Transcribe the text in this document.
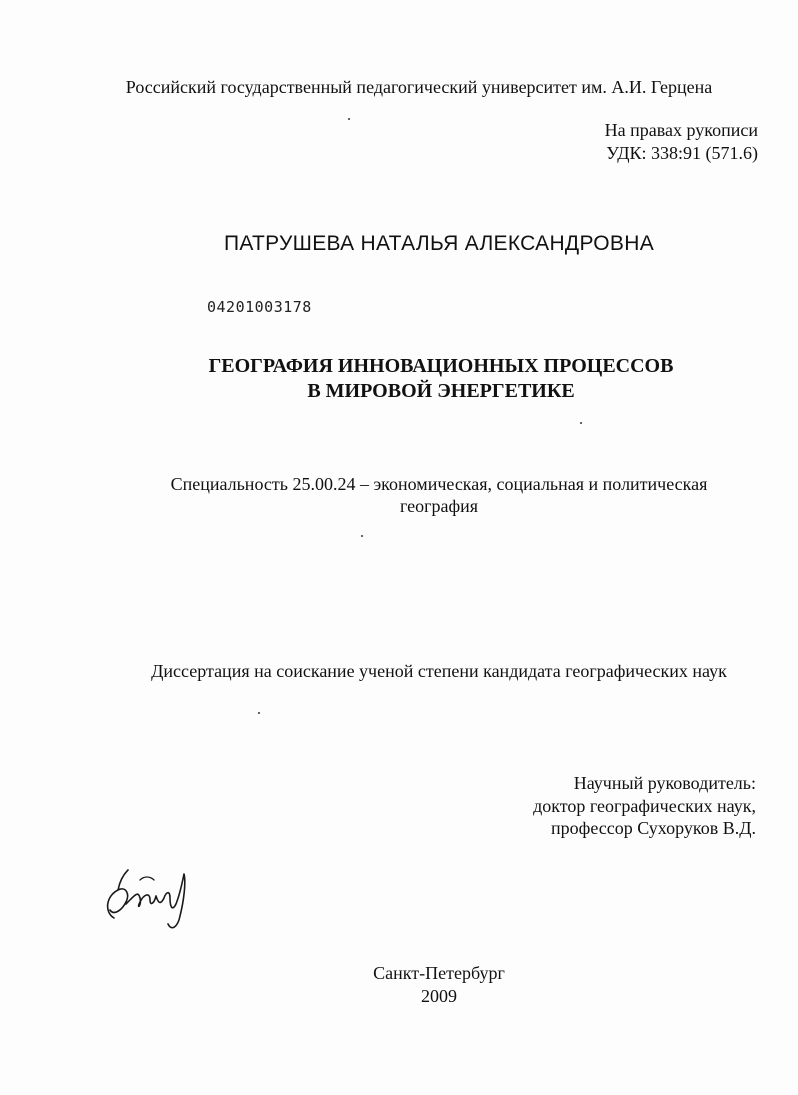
Российский государственный педагогический университет им. А.И. Герцена

На правах рукописи

УДК: 338:91 (571.6)

ПАТРУШЕВА НАТАЛЬЯ АЛЕКСАНДРОВНА

04201003178

ГЕОГРАФИЯ ИННОВАЦИОННЫХ ПРОЦЕССОВ

В МИРОВОЙ ЭНЕРГЕТИКЕ

Специальность 25.00.24 – экономическая, социальная и политическая

география

Диссертация на соискание ученой степени кандидата географических наук

Научный руководитель:

доктор географических наук,

профессор Сухоруков В.Д.

Санкт-Петербург

2009
